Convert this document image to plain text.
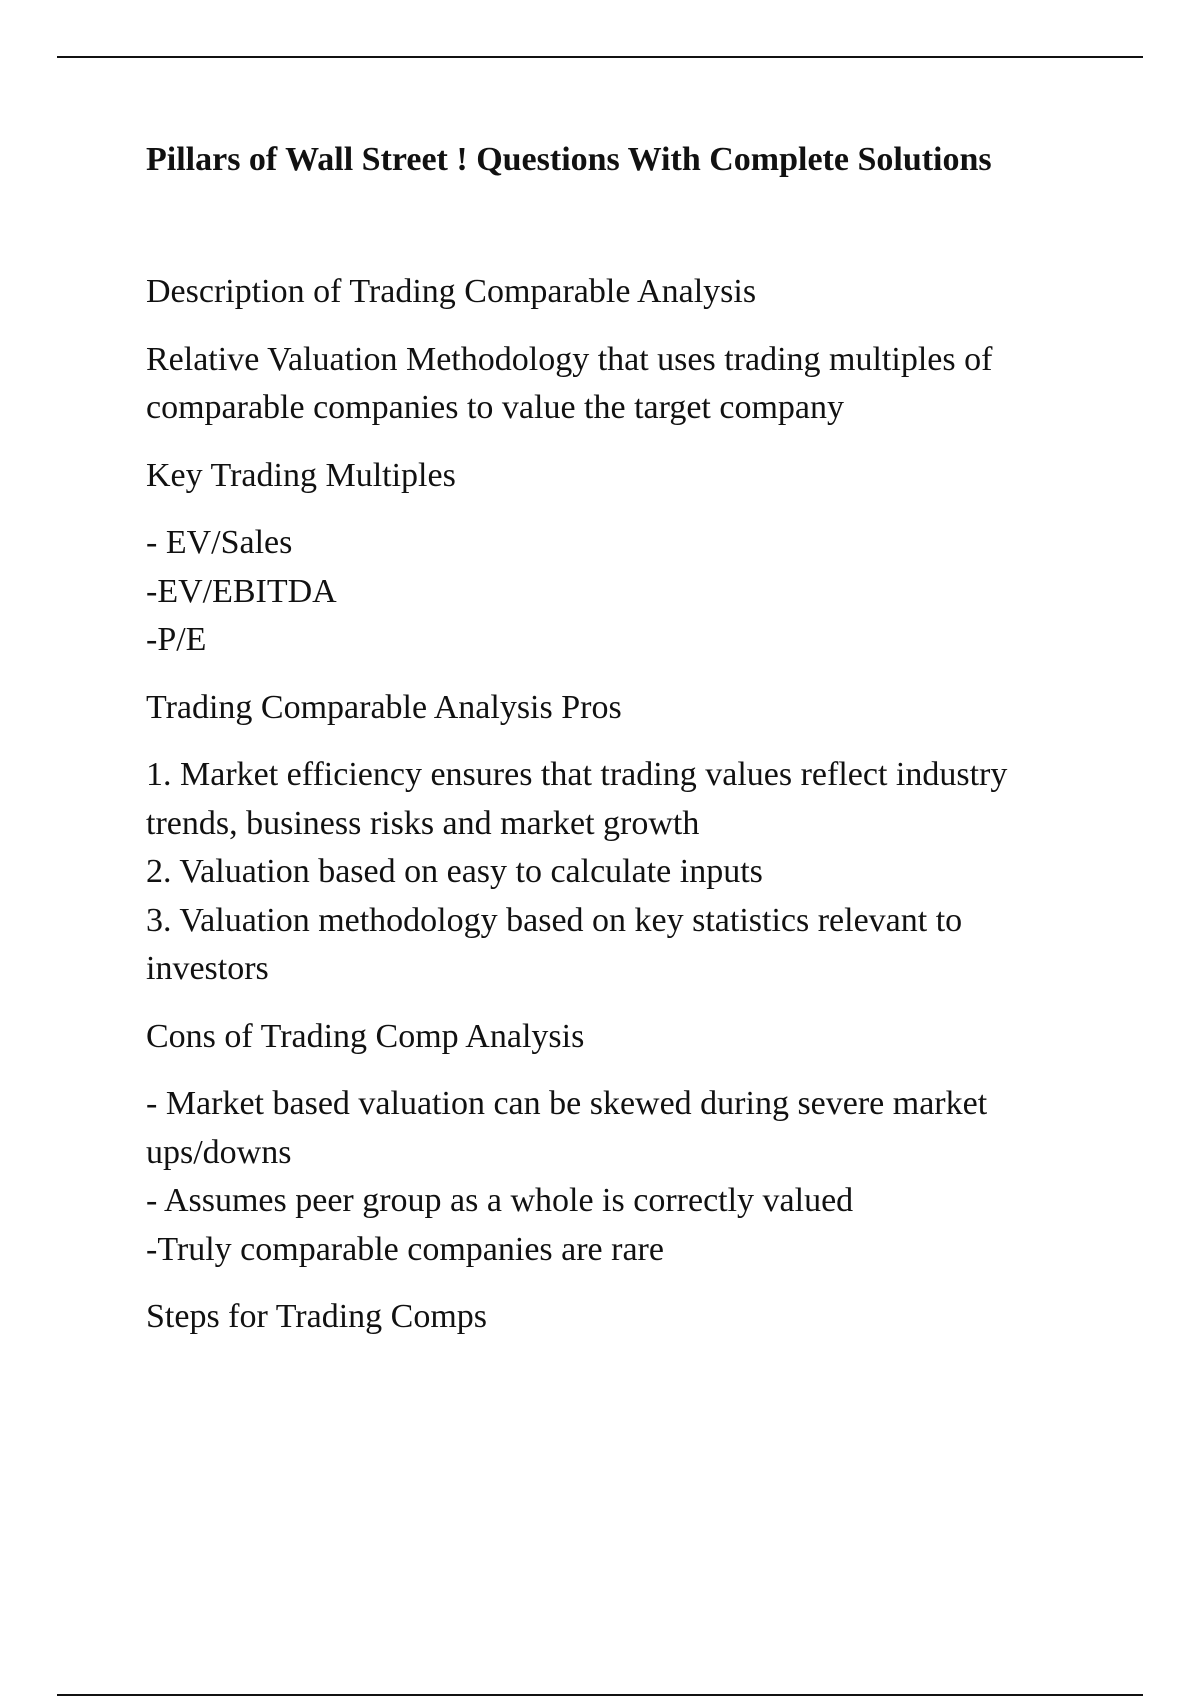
Pillars of Wall Street ! Questions With Complete Solutions

Description of Trading Comparable Analysis

Relative Valuation Methodology that uses trading multiples of
comparable companies to value the target company

Key Trading Multiples

- EV/Sales
-EV/EBITDA
-P/E

Trading Comparable Analysis Pros

1. Market efficiency ensures that trading values reflect industry
trends, business risks and market growth
2. Valuation based on easy to calculate inputs
3. Valuation methodology based on key statistics relevant to
investors

Cons of Trading Comp Analysis

- Market based valuation can be skewed during severe market
ups/downs
- Assumes peer group as a whole is correctly valued
-Truly comparable companies are rare

Steps for Trading Comps
